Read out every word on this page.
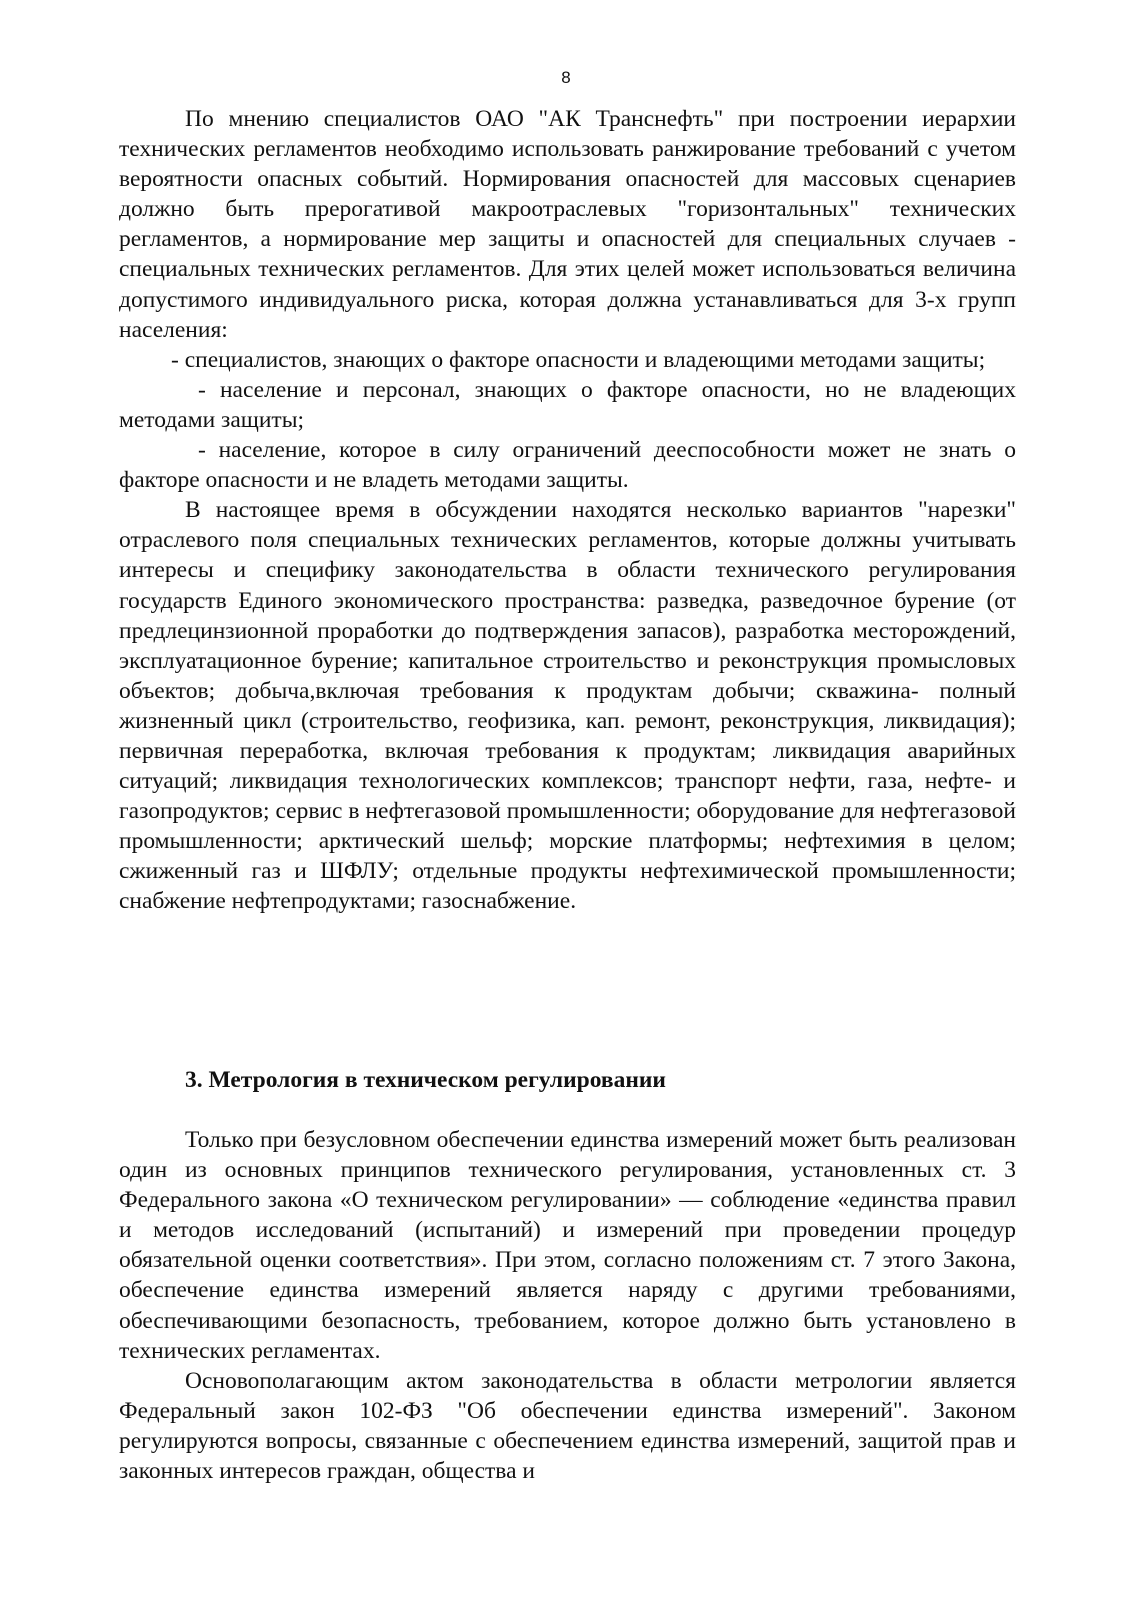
8

По мнению специалистов ОАО "АК Транснефть" при построении иерархии технических регламентов необходимо использовать ранжирование требований с учетом вероятности опасных событий. Нормирования опасностей для массовых сценариев должно быть прерогативой макроотраслевых "горизонтальных" технических регламентов, а нормирование мер защиты и опасностей для специальных случаев - специальных технических регламентов. Для этих целей может использоваться величина допустимого индивидуального риска, которая должна устанавливаться для 3-х групп населения:

- специалистов, знающих о факторе опасности и владеющими методами защиты;

- население и персонал, знающих о факторе опасности, но не владеющих методами защиты;

- население, которое в силу ограничений дееспособности может не знать о факторе опасности и не владеть методами защиты.

В настоящее время в обсуждении находятся несколько вариантов "нарезки" отраслевого поля специальных технических регламентов, которые должны учитывать интересы и специфику законодательства в области технического регулирования государств Единого экономического пространства: разведка, разведочное бурение (от предлецинзионной проработки до подтверждения запасов), разработка месторождений, эксплуатационное бурение; капитальное строительство и реконструкция промысловых объектов; добыча,включая требования к продуктам добычи; скважина- полный жизненный цикл (строительство, геофизика, кап. ремонт, реконструкция, ликвидация); первичная переработка, включая требования к продуктам; ликвидация аварийных ситуаций; ликвидация технологических комплексов; транспорт нефти, газа, нефте- и газопродуктов; сервис в нефтегазовой промышленности; оборудование для нефтегазовой промышленности; арктический шельф; морские платформы; нефтехимия в целом; сжиженный газ и ШФЛУ; отдельные продукты нефтехимической промышленности; снабжение нефтепродуктами; газоснабжение.

3. Метрология в техническом регулировании

Только при безусловном обеспечении единства измерений может быть реализован один из основных принципов технического регулирования, установленных ст. 3 Федерального закона «О техническом регулировании» — соблюдение «единства правил и методов исследований (испытаний) и измерений при проведении процедур обязательной оценки соответствия». При этом, согласно положениям ст. 7 этого Закона, обеспечение единства измерений является наряду с другими требованиями, обеспечивающими безопасность, требованием, которое должно быть установлено в технических регламентах.

Основополагающим актом законодательства в области метрологии является Федеральный закон 102-ФЗ "Об обеспечении единства измерений". Законом регулируются вопросы, связанные с обеспечением единства измерений, защитой прав и законных интересов граждан, общества и
